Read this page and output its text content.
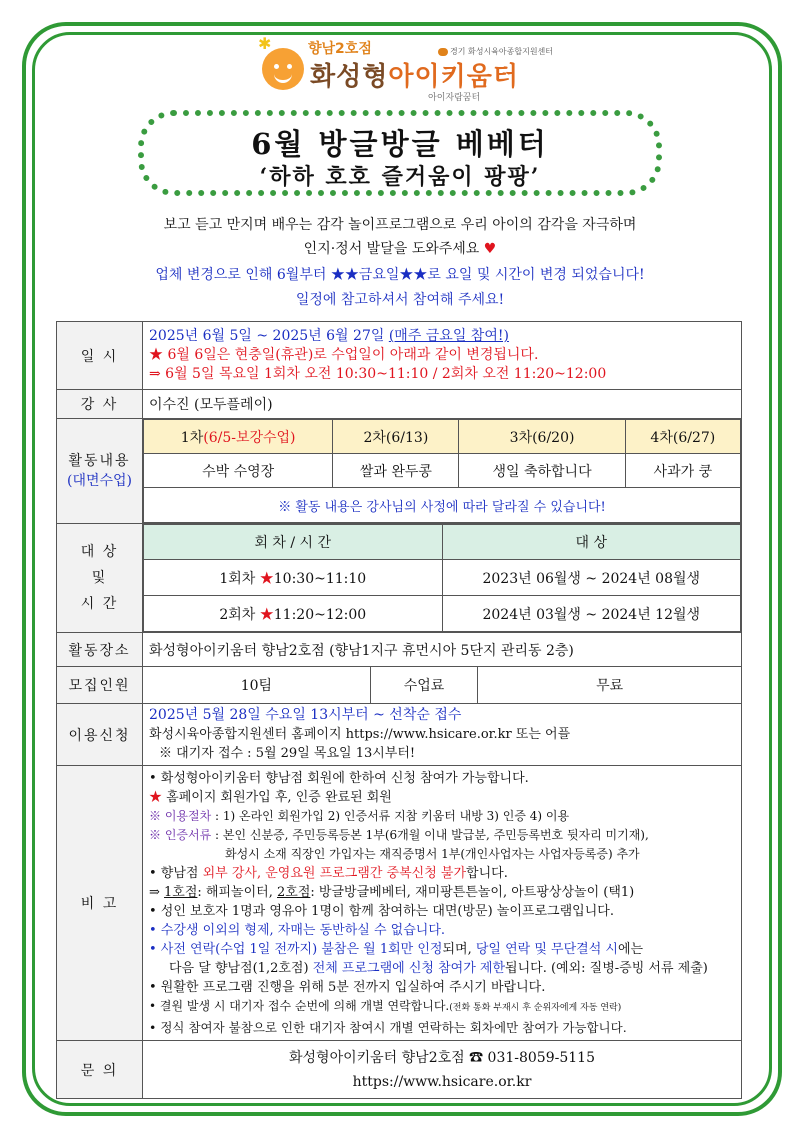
✱	향남2호점
화성형아이키움터
아이자람꿈터
경기 화성시육아종합지원센터
6월 방글방글 베베터
‘하하 호호 즐거움이 팡팡’
보고 듣고 만지며 배우는 감각 놀이프로그램으로 우리 아이의 감각을 자극하며
인지·정서 발달을 도와주세요 ♥
업체 변경으로 인해 6월부터 ★★금요일★★로 요일 및 시간이 변경 되었습니다!
일정에 참고하셔서 참여해 주세요!
일 시	
2025년 6월 5일 ~ 2025년 6월 27일 (매주 금요일 참여!)
★ 6월 6일은 현충일(휴관)로 수업일이 아래과 같이 변경됩니다.
⇒ 6월 5일 목요일 1회차 오전 10:30~11:10 / 2회차 오전 11:20~12:00

강 사	이수진 (모두플레이)

활동내용
(대면수업)

1차(6/5-보강수업)	2차(6/13)	3차(6/20)	4차(6/27)
수박 수영장	쌀과 완두콩	생일 축하합니다	사과가 쿵
※ 활동 내용은 강사님의 사정에 따라 달라질 수 있습니다!

대 상
및
시 간

회 차 / 시 간	대 상
1회차 ★10:30~11:10	2023년 06월생 ~ 2024년 08월생
2회차 ★11:20~12:00	2024년 03월생 ~ 2024년 12월생

활동장소	화성형아이키움터 향남2호점 (향남1지구 휴먼시아 5단지 관리동 2층)
모집인원		10팀	수업료	무료

이용신청	
2025년 5월 28일 수요일 13시부터 ~ 선착순 접수
화성시육아종합지원센터 홈페이지 https://www.hsicare.or.kr 또는 어플
※ 대기자 접수 : 5월 29일 목요일 13시부터!

비 고	
• 화성형아이키움터 향남점 회원에 한하여 신청 참여가 가능합니다.
★ 홈페이지 회원가입 후, 인증 완료된 회원
※ 이용절차 : 1) 온라인 회원가입 2) 인증서류 지참 키움터 내방 3) 인증 4) 이용
※ 인증서류 : 본인 신분증, 주민등록등본 1부(6개월 이내 발급분, 주민등록번호 뒷자리 미기재),
화성시 소재 직장인 가입자는 재직증명서 1부(개인사업자는 사업자등록증) 추가
• 향남점 외부 강사, 운영요원 프로그램간 중복신청 불가합니다.
⇒ 1호점: 해피놀이터, 2호점: 방글방글베베터, 재미팡튼튼놀이, 아트팡상상놀이 (택1)
• 성인 보호자 1명과 영유아 1명이 함께 참여하는 대면(방문) 놀이프로그램입니다.
• 수강생 이외의 형제, 자매는 동반하실 수 없습니다.
• 사전 연락(수업 1일 전까지) 불참은 월 1회만 인정되며, 당일 연락 및 무단결석 시에는
다음 달 향남점(1,2호점) 전체 프로그램에 신청 참여가 제한됩니다. (예외: 질병-증빙 서류 제출)
• 원활한 프로그램 진행을 위해 5분 전까지 입실하여 주시기 바랍니다.
• 결원 발생 시 대기자 접수 순번에 의해 개별 연락합니다.(전화 통화 부재시 후 순위자에게 자동 연락)
• 정식 참여자 불참으로 인한 대기자 참여시 개별 연락하는 회차에만 참여가 가능합니다.

문 의	
화성형아이키움터 향남2호점 ☎ 031-8059-5115
https://www.hsicare.or.kr
